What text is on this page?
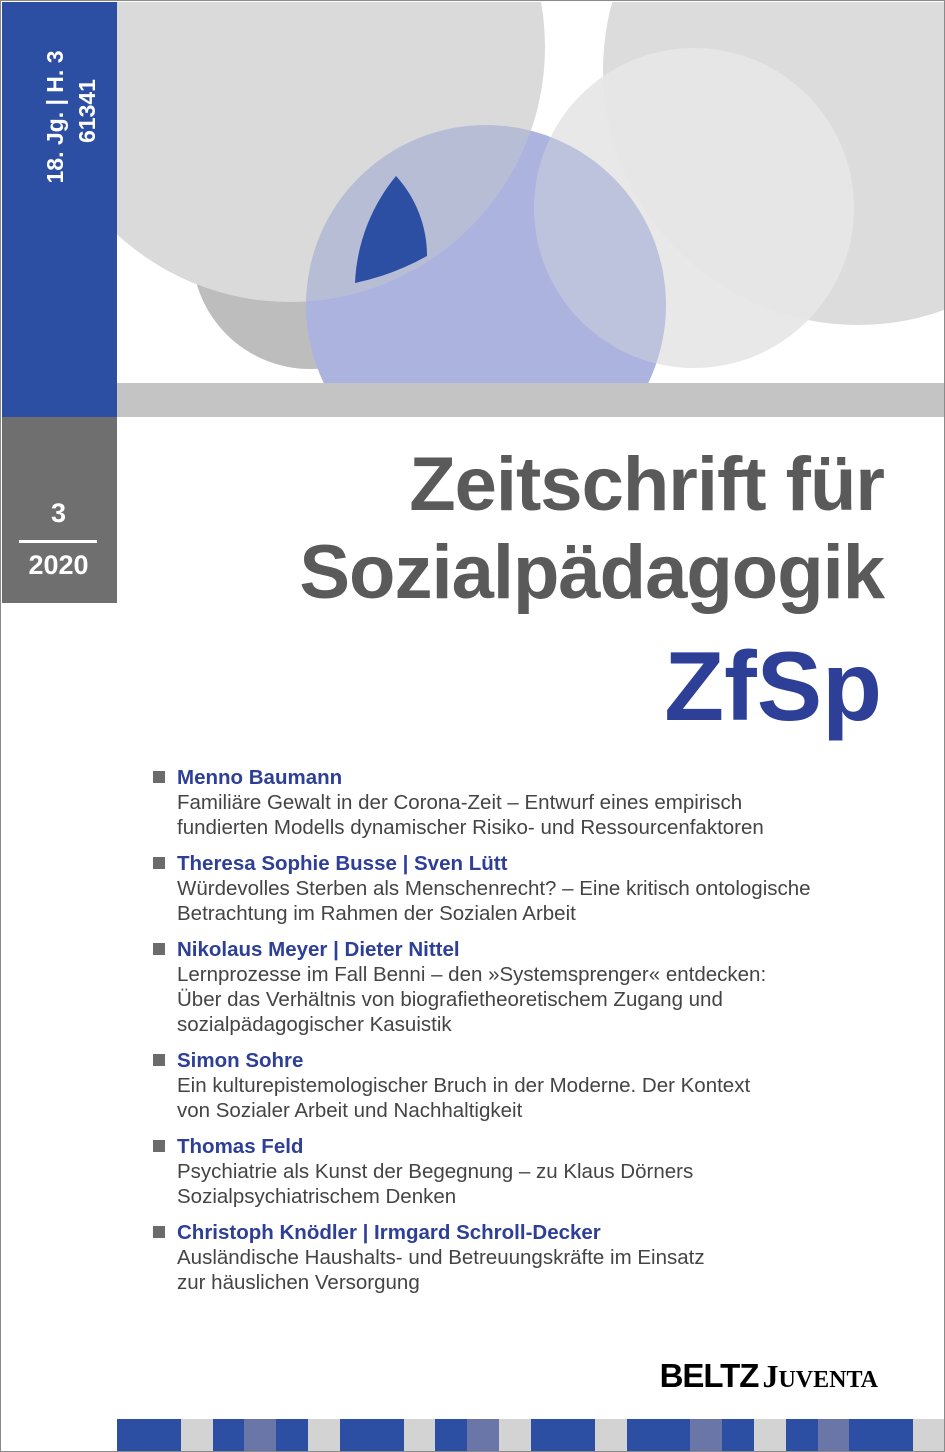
18. Jg. | H. 3 61341
3
2020
Zeitschrift für
Sozialpädagogik
ZfSp
Menno Baumann
Familiäre Gewalt in der Corona-Zeit – Entwurf eines empirisch
fundierten Modells dynamischer Risiko- und Ressourcenfaktoren
Theresa Sophie Busse | Sven Lütt
Würdevolles Sterben als Menschenrecht? – Eine kritisch ontologische
Betrachtung im Rahmen der Sozialen Arbeit
Nikolaus Meyer | Dieter Nittel
Lernprozesse im Fall Benni – den »Systemsprenger« entdecken:
Über das Verhältnis von biografietheoretischem Zugang und
sozialpädagogischer Kasuistik
Simon Sohre
Ein kulturepistemologischer Bruch in der Moderne. Der Kontext
von Sozialer Arbeit und Nachhaltigkeit
Thomas Feld
Psychiatrie als Kunst der Begegnung – zu Klaus Dörners
Sozialpsychiatrischem Denken
Christoph Knödler | Irmgard Schroll-Decker
Ausländische Haushalts- und Betreuungskräfte im Einsatz
zur häuslichen Versorgung
BELTZ JUVENTA
